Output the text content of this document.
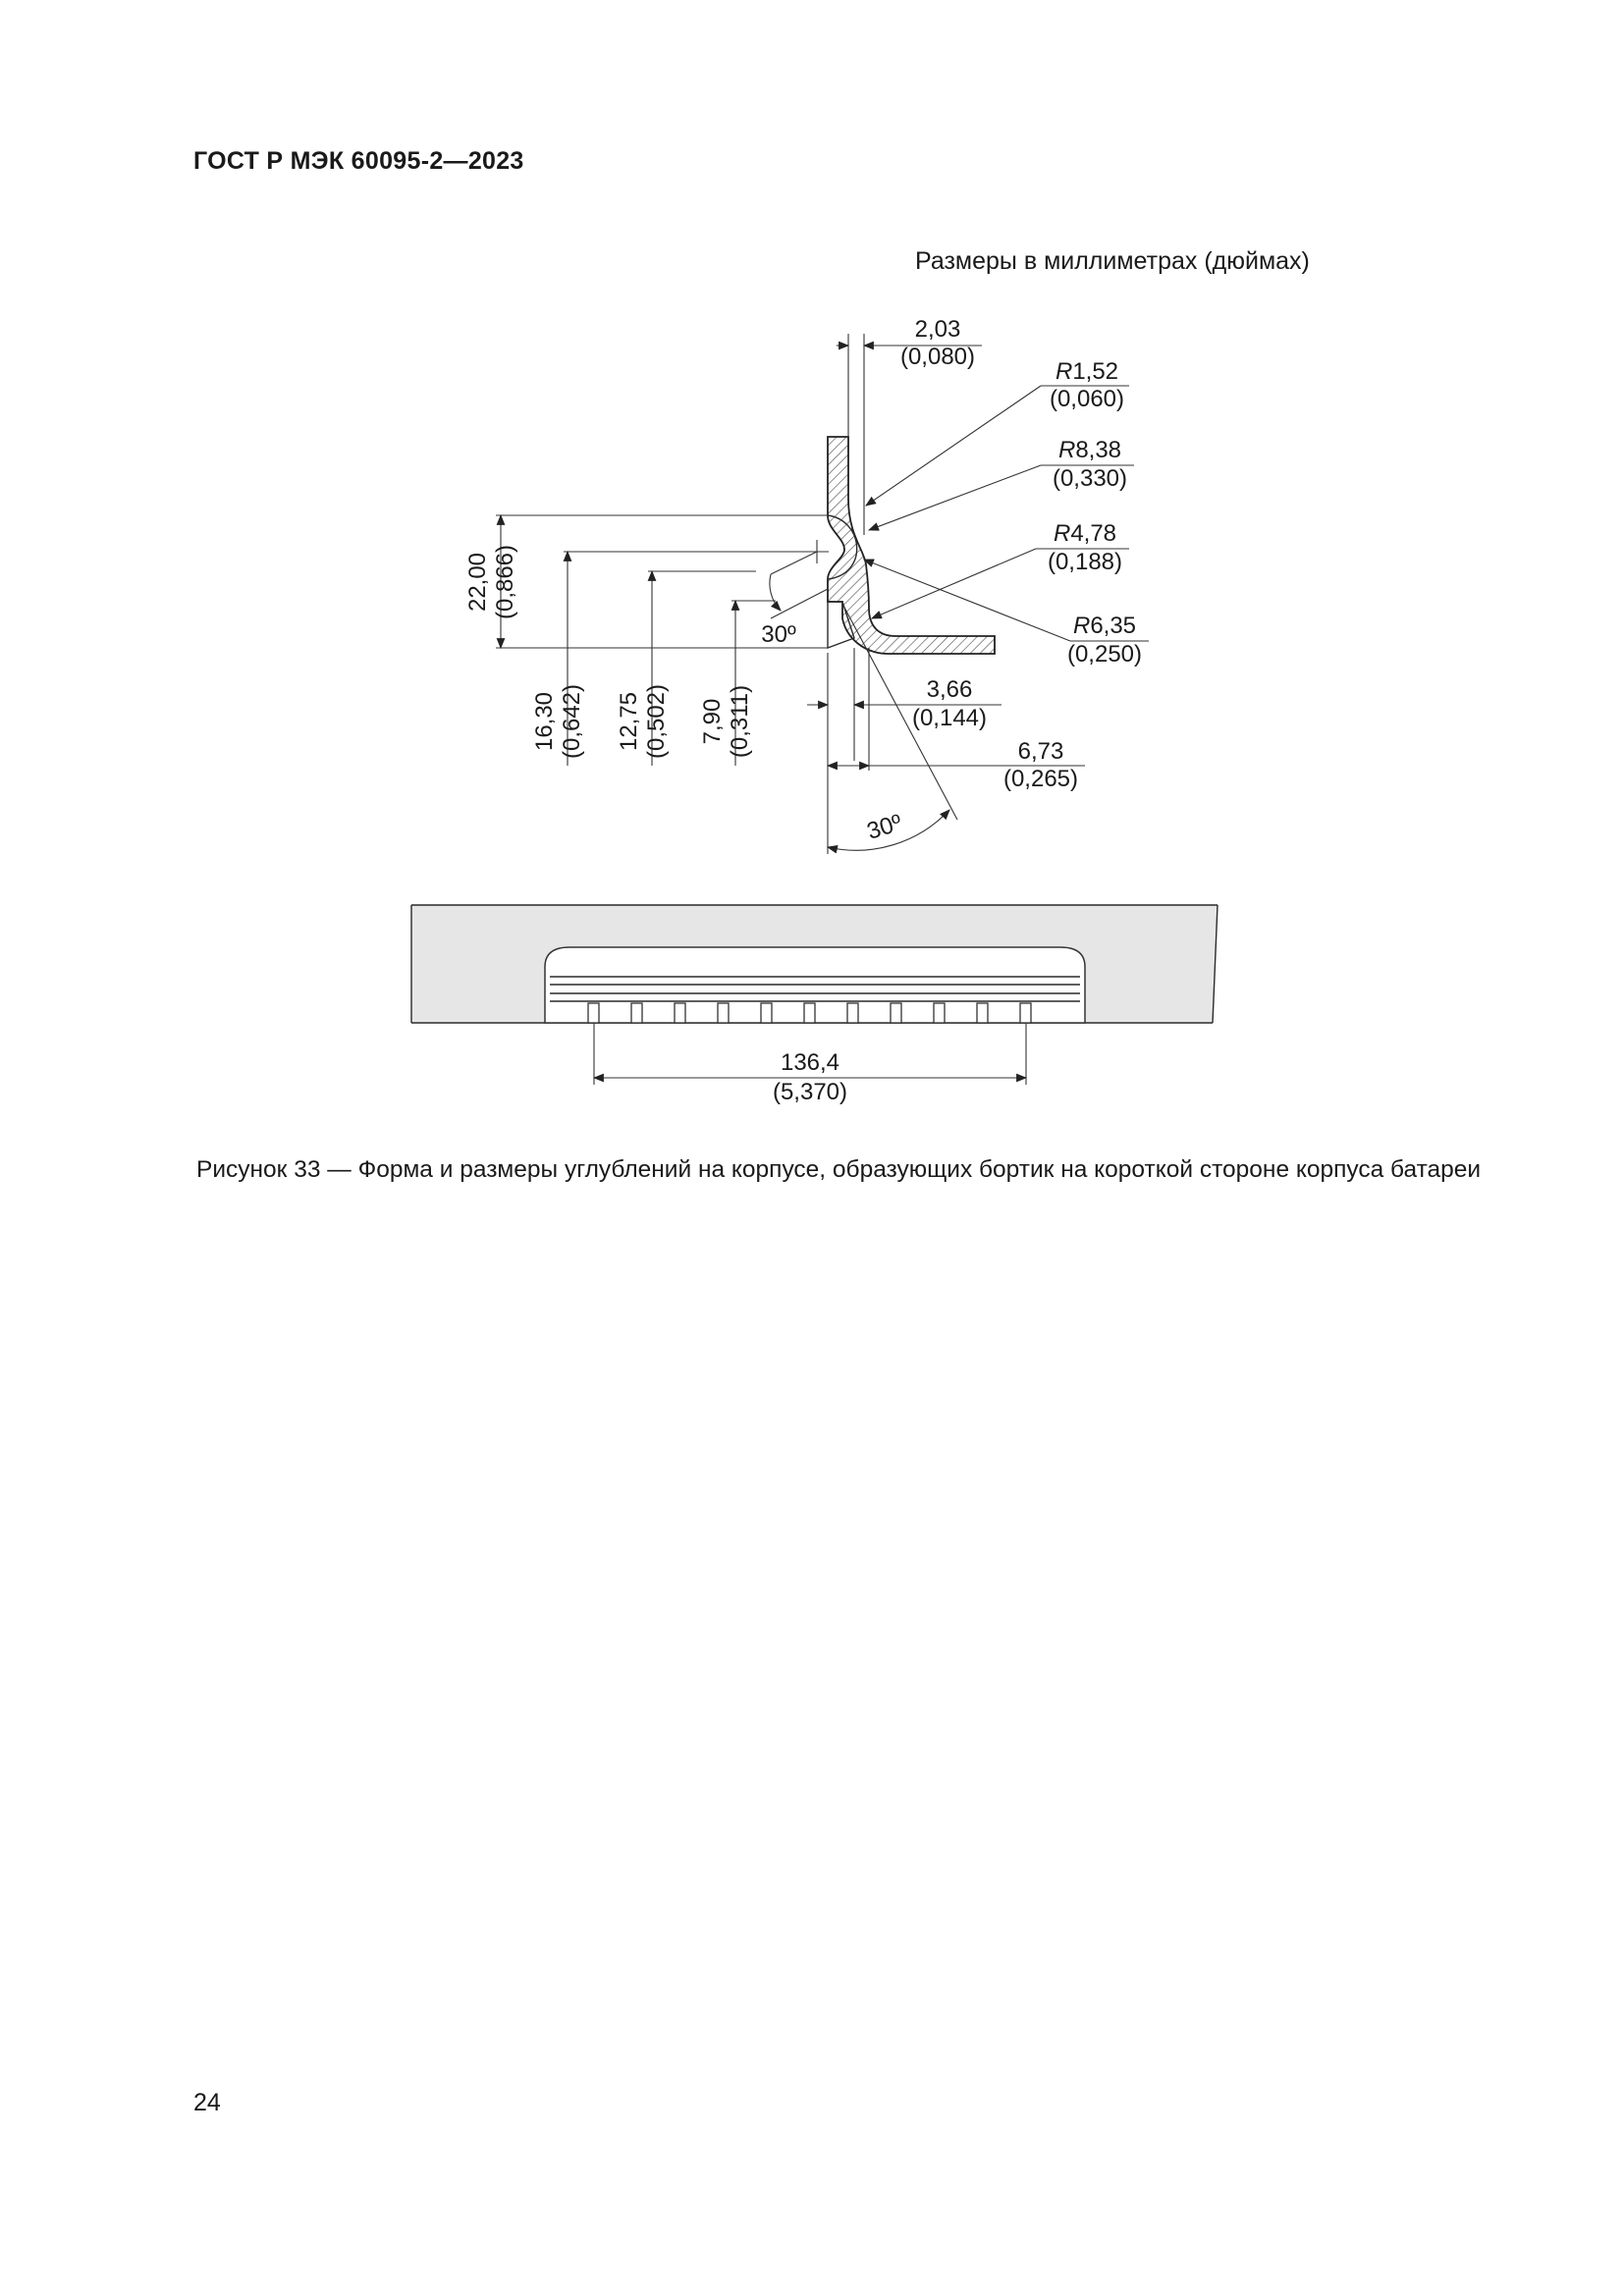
ГОСТ Р МЭК 60095-2—2023
Размеры в миллиметрах (дюймах)
2,03
(0,080)
R1,52
(0,060)
R8,38
(0,330)
R4,78
(0,188)
R6,35
(0,250)
3,66
(0,144)
6,73
(0,265)
30º
22,00 (0,866)
16,30 (0,642) 12,75 (0,502) 7,90 (0,311)
30º
136,4
(5,370)
Рисунок 33 — Форма и размеры углублений на корпусе, образующих бортик на короткой стороне корпуса батареи
24
